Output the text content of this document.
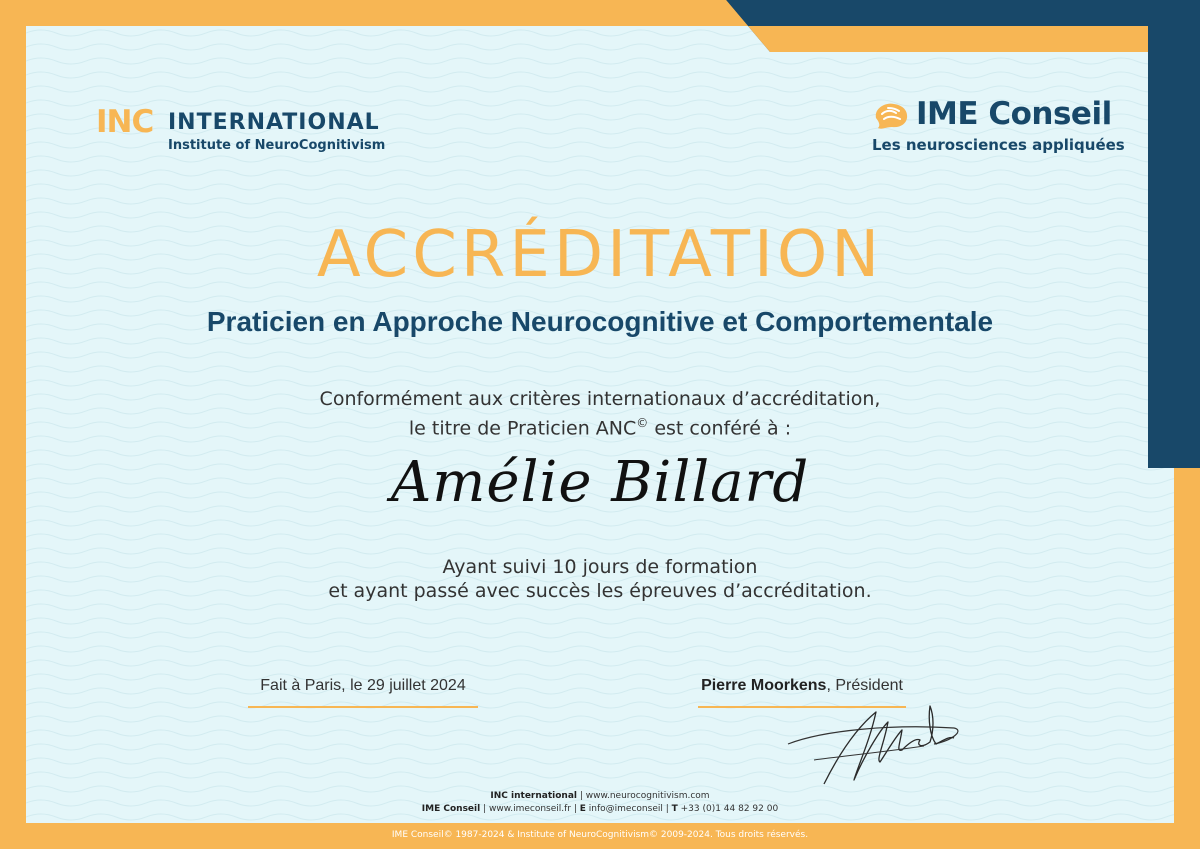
INC INTERNATIONAL
Institute of NeuroCognitivism
IME Conseil
Les neurosciences appliquées
ACCRÉDITATION
Praticien en Approche Neurocognitive et Comportementale
Conformément aux critères internationaux d’accréditation,
le titre de Praticien ANC© est conféré à :
Amélie Billard
Ayant suivi 10 jours de formation
et ayant passé avec succès les épreuves d’accréditation.
Fait à Paris, le 29 juillet 2024	Pierre Moorkens, Président
INC international | www.neurocognitivism.com
IME Conseil | www.imeconseil.fr | E info@imeconseil | T +33 (0)1 44 82 92 00
IME Conseil© 1987-2024 & Institute of NeuroCognitivism© 2009-2024. Tous droits réservés.
